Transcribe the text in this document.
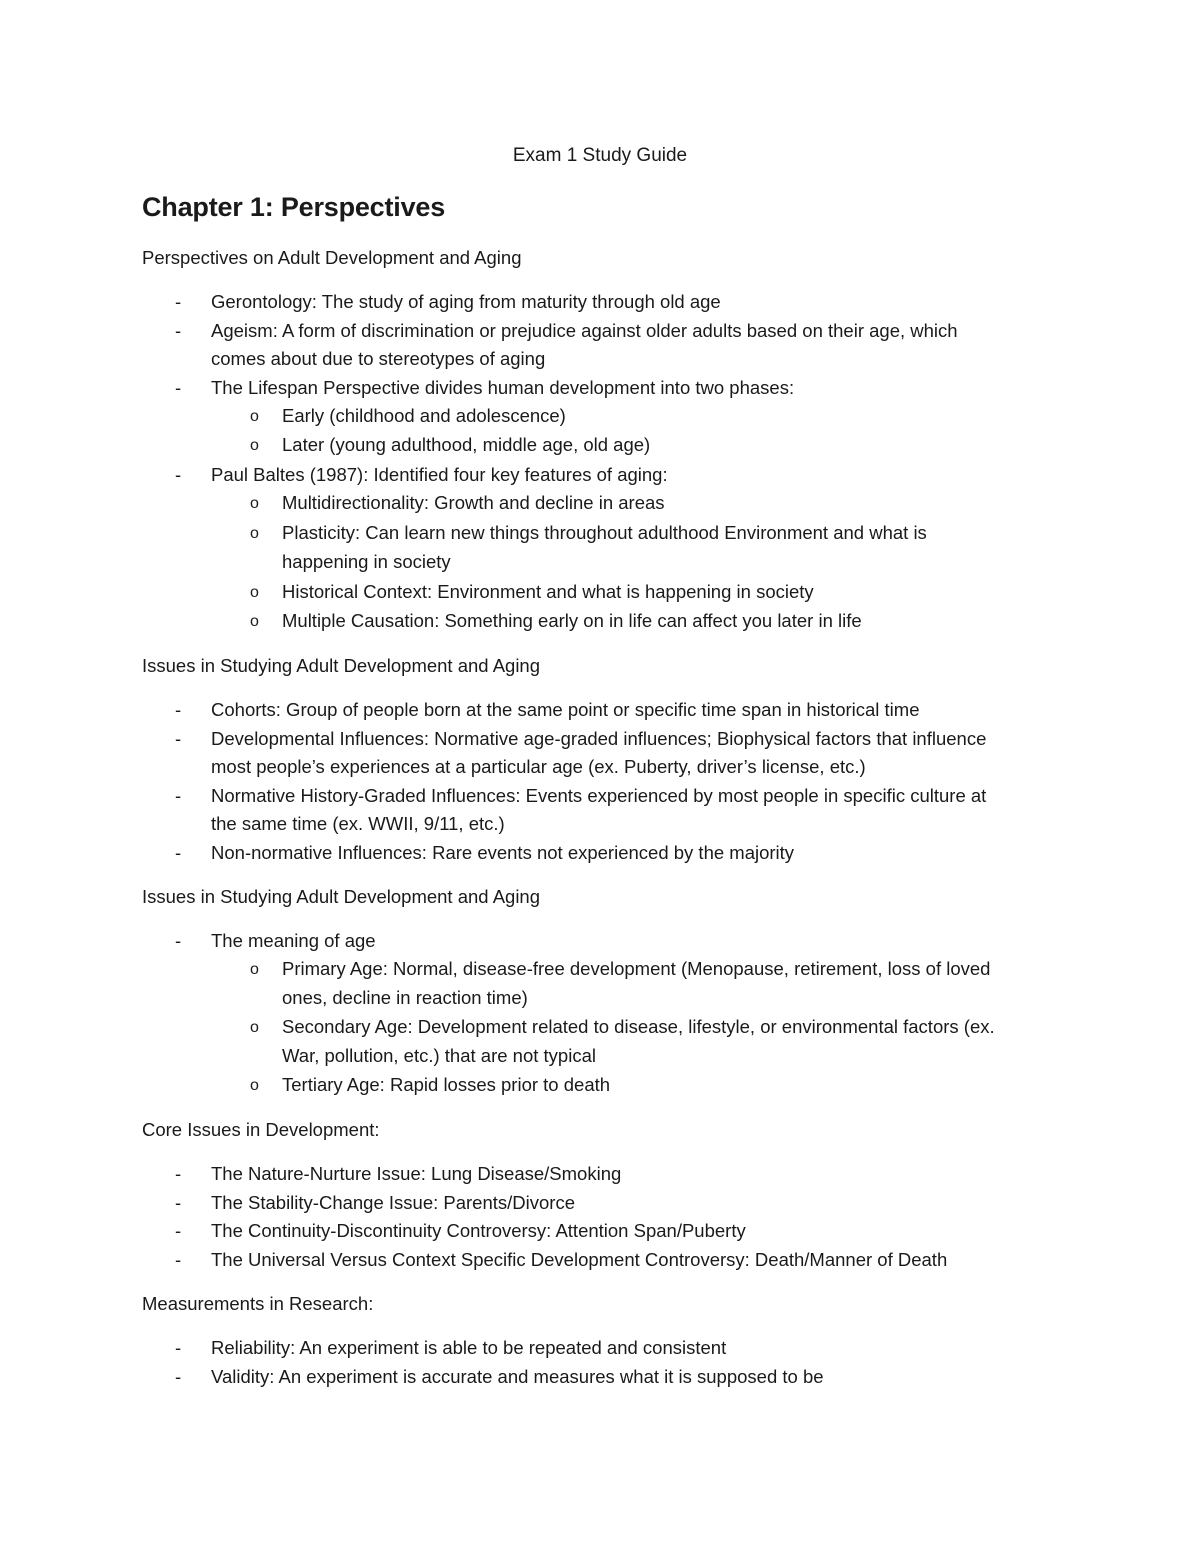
Exam 1 Study Guide
Chapter 1: Perspectives
Perspectives on Adult Development and Aging
- Gerontology: The study of aging from maturity through old age
- Ageism: A form of discrimination or prejudice against older adults based on their age, which
comes about due to stereotypes of aging
- The Lifespan Perspective divides human development into two phases:
o Early (childhood and adolescence)
o Later (young adulthood, middle age, old age)
- Paul Baltes (1987): Identified four key features of aging:
o Multidirectionality: Growth and decline in areas
o Plasticity: Can learn new things throughout adulthood Environment and what is
happening in society
o Historical Context: Environment and what is happening in society
o Multiple Causation: Something early on in life can affect you later in life
Issues in Studying Adult Development and Aging
- Cohorts: Group of people born at the same point or specific time span in historical time
- Developmental Influences: Normative age-graded influences; Biophysical factors that influence
most people’s experiences at a particular age (ex. Puberty, driver’s license, etc.)
- Normative History-Graded Influences: Events experienced by most people in specific culture at
the same time (ex. WWII, 9/11, etc.)
- Non-normative Influences: Rare events not experienced by the majority
Issues in Studying Adult Development and Aging
- The meaning of age
o Primary Age: Normal, disease-free development (Menopause, retirement, loss of loved
ones, decline in reaction time)
o Secondary Age: Development related to disease, lifestyle, or environmental factors (ex.
War, pollution, etc.) that are not typical
o Tertiary Age: Rapid losses prior to death
Core Issues in Development:
- The Nature-Nurture Issue: Lung Disease/Smoking
- The Stability-Change Issue: Parents/Divorce
- The Continuity-Discontinuity Controversy: Attention Span/Puberty
- The Universal Versus Context Specific Development Controversy: Death/Manner of Death
Measurements in Research:
- Reliability: An experiment is able to be repeated and consistent
- Validity: An experiment is accurate and measures what it is supposed to be
